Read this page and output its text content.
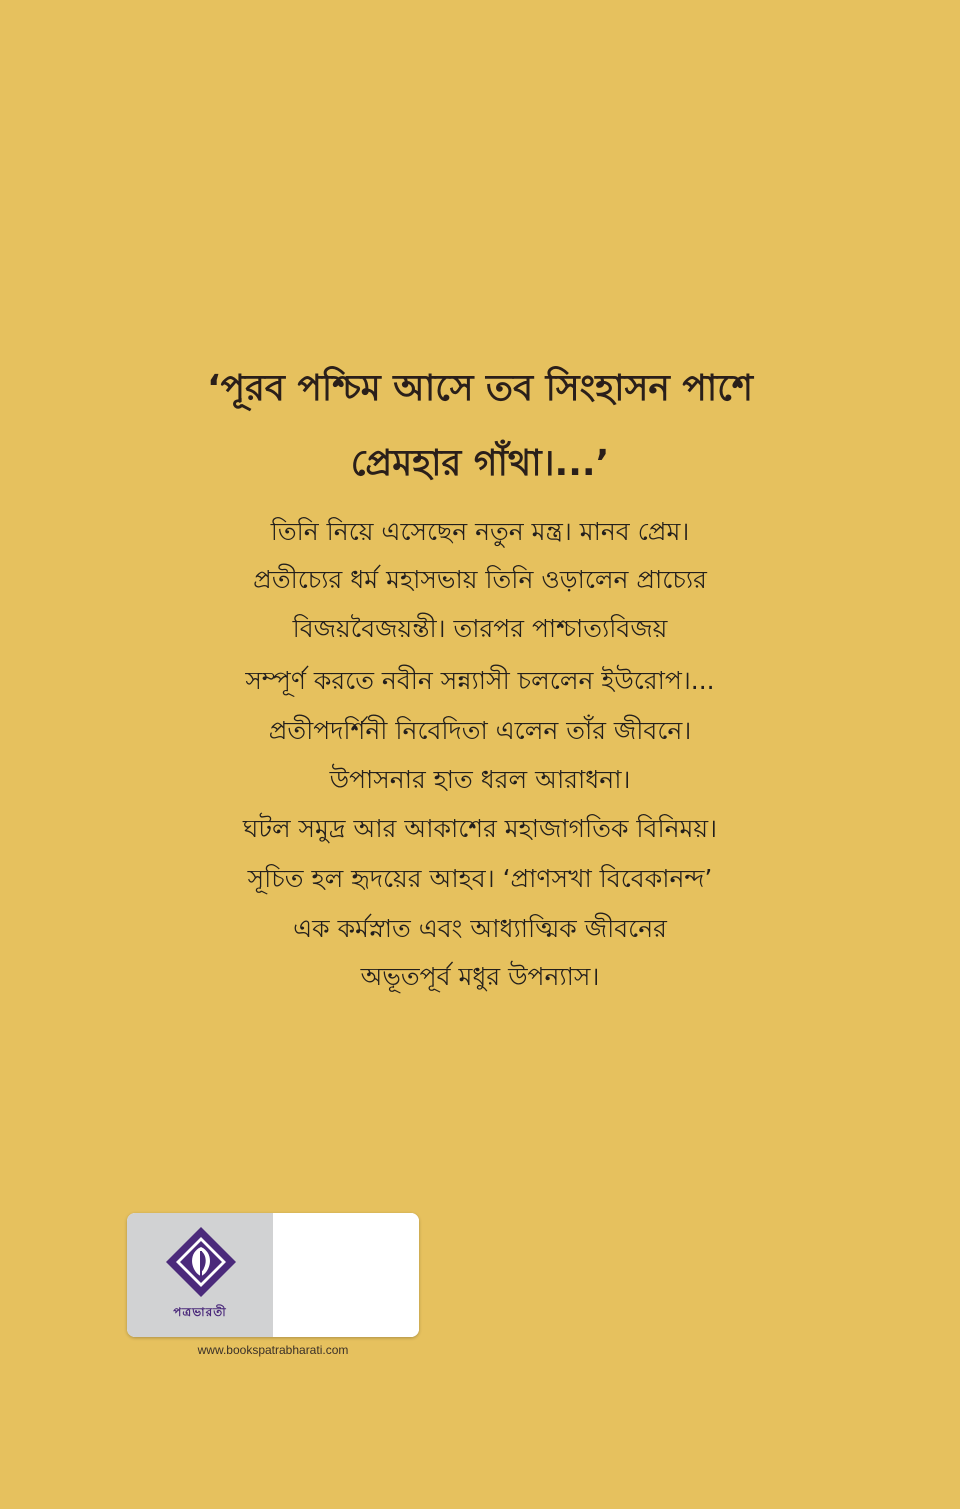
‘পূরব পশ্চিম আসে তব সিংহাসন পাশে
প্রেমহার গাঁথা।...’
তিনি নিয়ে এসেছেন নতুন মন্ত্র। মানব প্রেম।
প্রতীচ্যের ধর্ম মহাসভায় তিনি ওড়ালেন প্রাচ্যের
বিজয়বৈজয়ন্তী। তারপর পাশ্চাত্যবিজয়
সম্পূর্ণ করতে নবীন সন্ন্যাসী চললেন ইউরোপ।...
প্রতীপদর্শিনী নিবেদিতা এলেন তাঁর জীবনে।
উপাসনার হাত ধরল আরাধনা।
ঘটল সমুদ্র আর আকাশের মহাজাগতিক বিনিময়।
সূচিত হল হৃদয়ের আহব। ‘প্রাণসখা বিবেকানন্দ’
এক কর্মস্নাত এবং আধ্যাত্মিক জীবনের
অভূতপূর্ব মধুর উপন্যাস।
পত্রভারতী
www.bookspatrabharati.com
